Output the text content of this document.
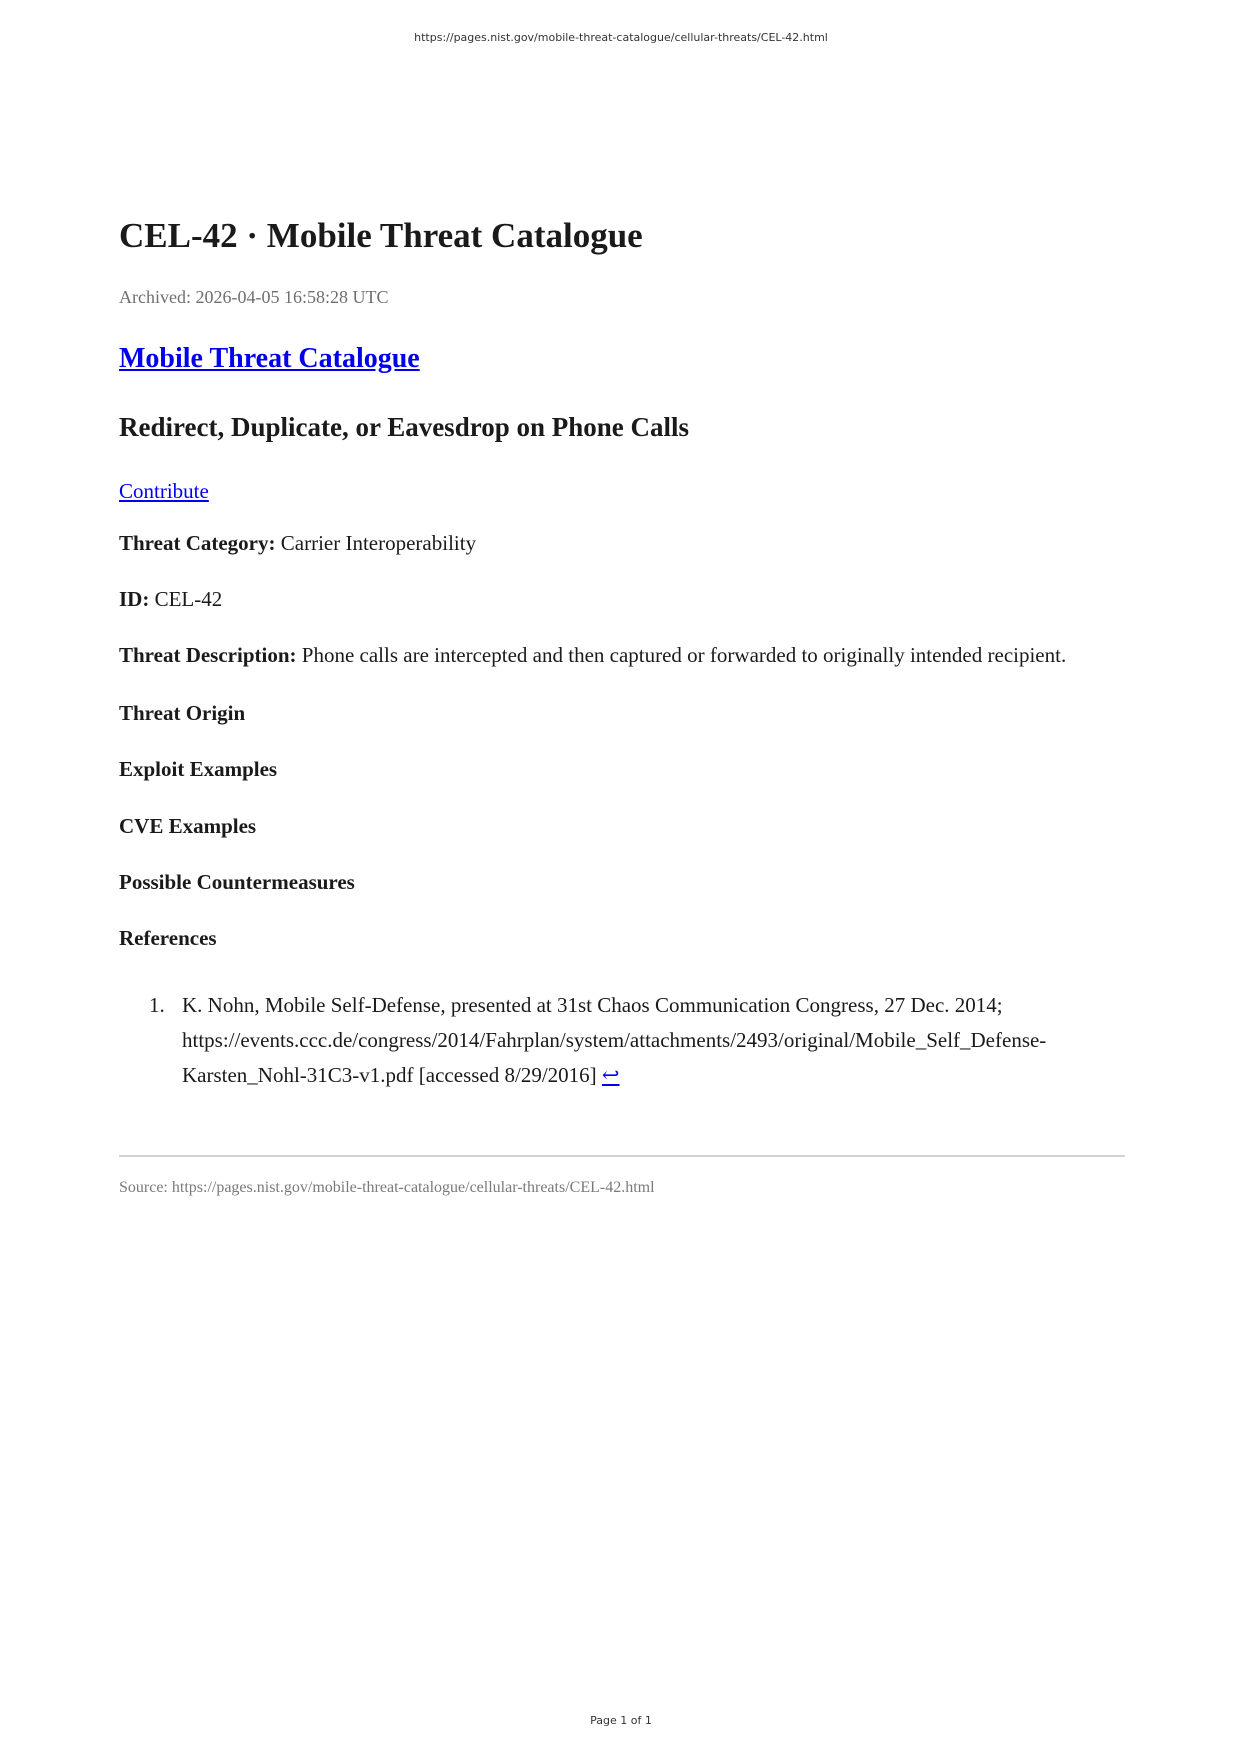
https://pages.nist.gov/mobile-threat-catalogue/cellular-threats/CEL-42.html
CEL-42 · Mobile Threat Catalogue
Archived: 2026-04-05 16:58:28 UTC
Mobile Threat Catalogue
Redirect, Duplicate, or Eavesdrop on Phone Calls
Contribute
Threat Category: Carrier Interoperability
ID: CEL-42
Threat Description: Phone calls are intercepted and then captured or forwarded to originally intended recipient.
Threat Origin
Exploit Examples
CVE Examples
Possible Countermeasures
References
1. K. Nohn, Mobile Self-Defense, presented at 31st Chaos Communication Congress, 27 Dec. 2014;
https://events.ccc.de/congress/2014/Fahrplan/system/attachments/2493/original/Mobile_Self_Defense-
Karsten_Nohl-31C3-v1.pdf [accessed 8/29/2016] ↩
Source: https://pages.nist.gov/mobile-threat-catalogue/cellular-threats/CEL-42.html
Page 1 of 1
